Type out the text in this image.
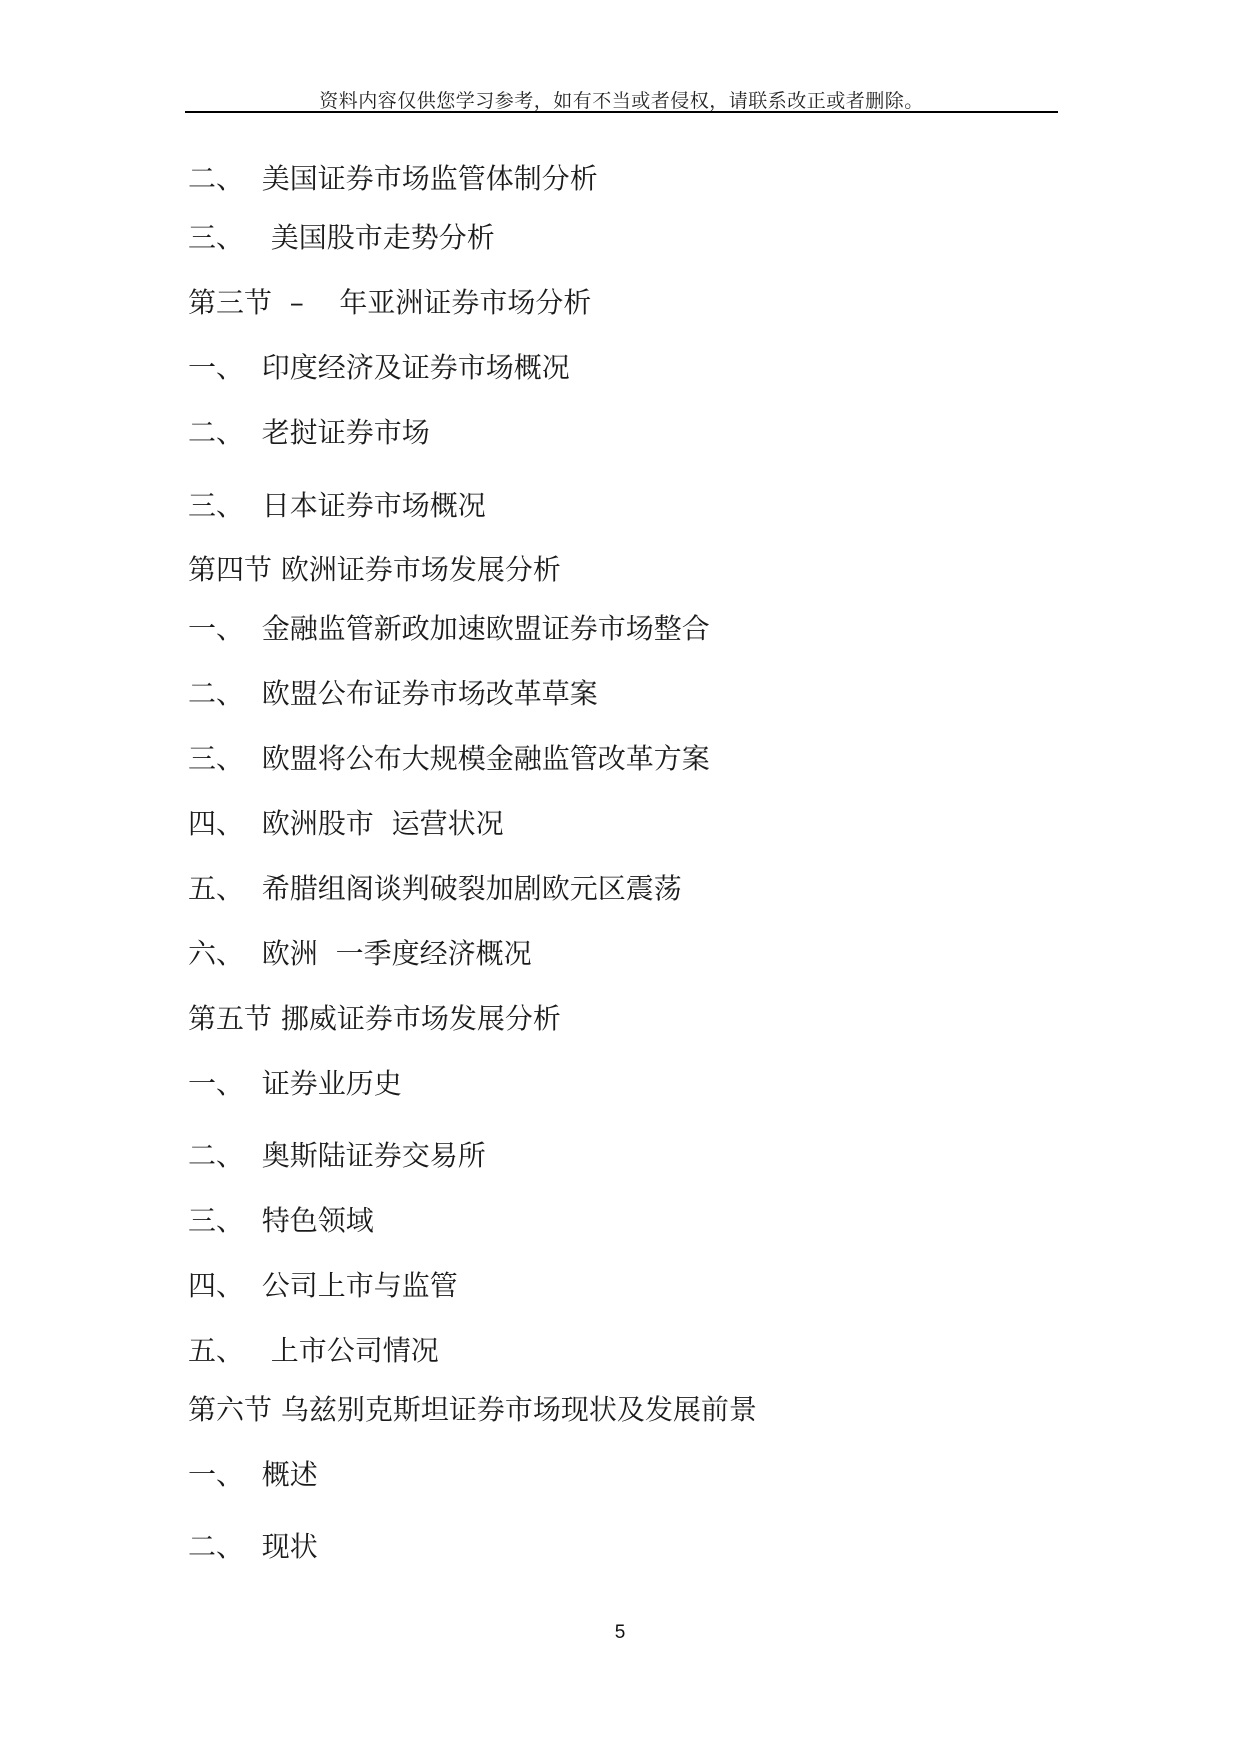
资料内容仅供您学习参考，如有不当或者侵权，请联系改正或者删除。
二、  美国证券市场监管体制分析
三、   美国股市走势分析
第三节  –    年亚洲证券市场分析
一、  印度经济及证券市场概况
二、  老挝证券市场
三、  日本证券市场概况
第四节 欧洲证券市场发展分析
一、  金融监管新政加速欧盟证券市场整合
二、  欧盟公布证券市场改革草案
三、  欧盟将公布大规模金融监管改革方案
四、  欧洲股市  运营状况
五、  希腊组阁谈判破裂加剧欧元区震荡
六、  欧洲  一季度经济概况
第五节 挪威证券市场发展分析
一、  证券业历史
二、  奥斯陆证券交易所
三、  特色领域
四、  公司上市与监管
五、   上市公司情况
第六节 乌兹别克斯坦证券市场现状及发展前景
一、  概述
二、  现状
5
